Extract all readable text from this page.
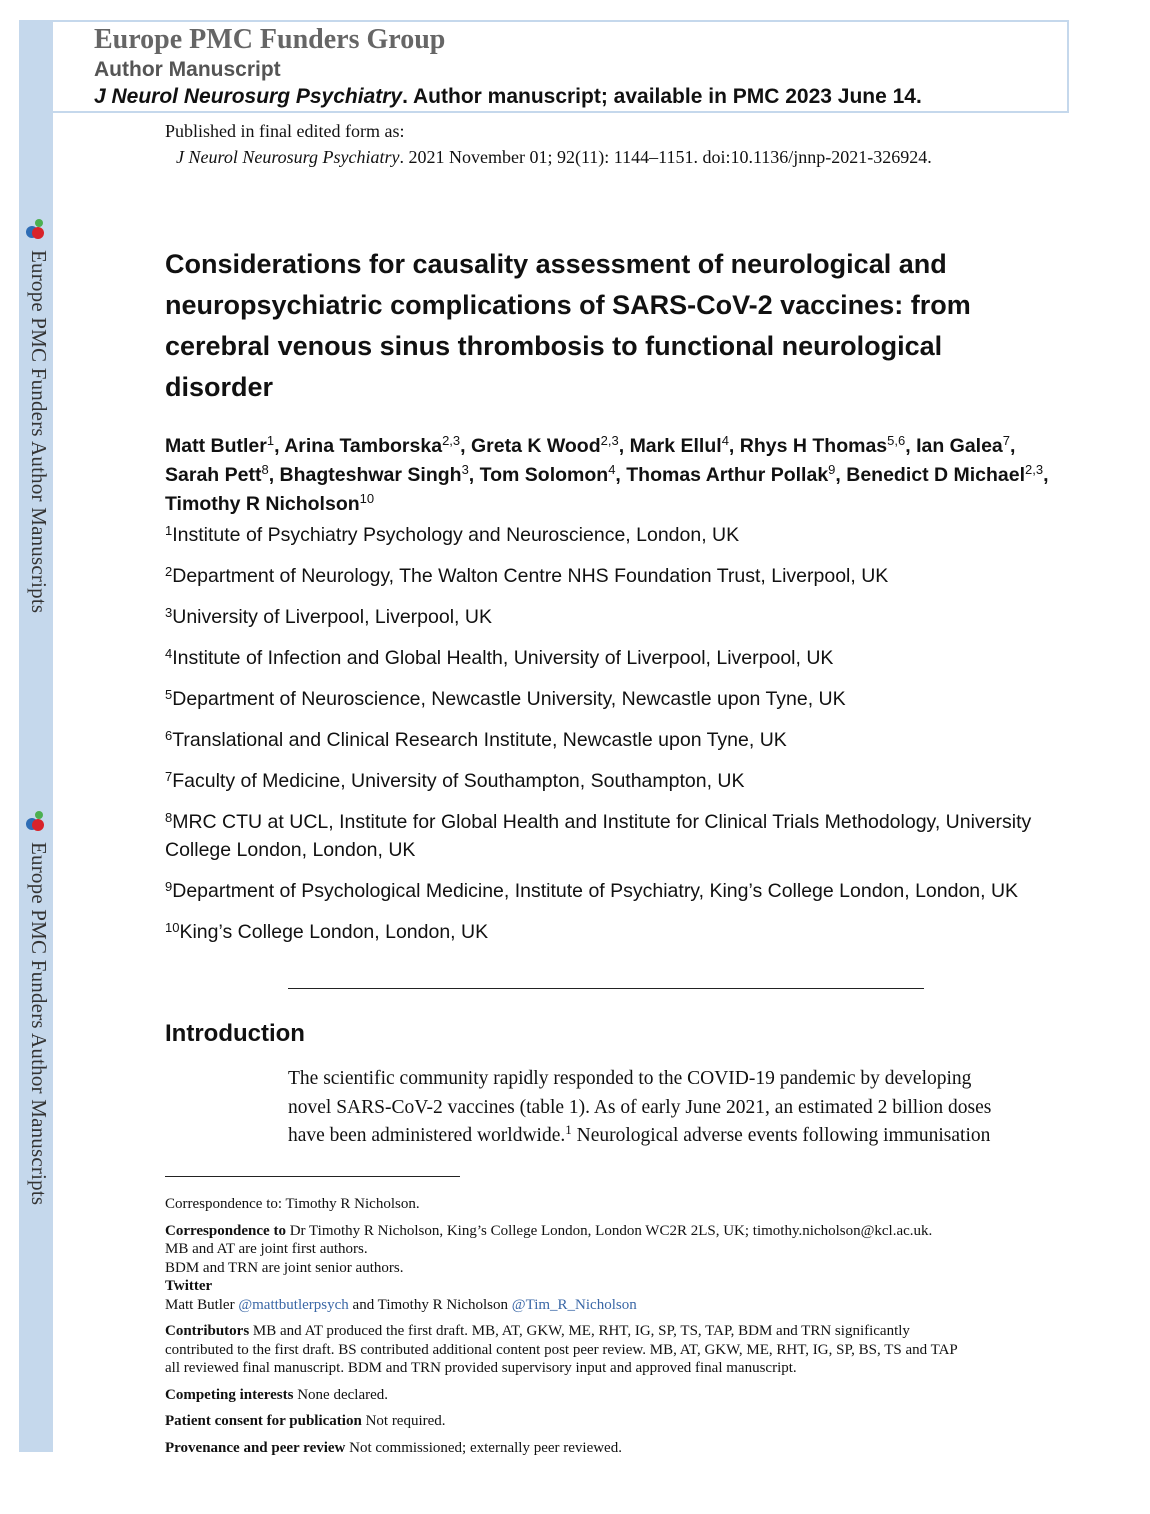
Europe PMC Funders Author Manuscripts
Europe PMC Funders Author Manuscripts
Europe PMC Funders Group
Author Manuscript
J Neurol Neurosurg Psychiatry. Author manuscript; available in PMC 2023 June 14.
Published in final edited form as:
J Neurol Neurosurg Psychiatry. 2021 November 01; 92(11): 1144–1151. doi:10.1136/jnnp-2021-326924.
Considerations for causality assessment of neurological and neuropsychiatric complications of SARS-CoV-2 vaccines: from cerebral venous sinus thrombosis to functional neurological disorder
Matt Butler$^1$, Arina Tamborska$^{2,3}$, Greta K Wood$^{2,3}$, Mark Ellul$^4$, Rhys H Thomas$^{5,6}$, Ian Galea$^7$, Sarah Pett$^8$, Bhagteshwar Singh$^3$, Tom Solomon$^4$, Thomas Arthur Pollak$^9$, Benedict D Michael$^{2,3}$, Timothy R Nicholson$^{10}$
$^1$Institute of Psychiatry Psychology and Neuroscience, London, UK
$^2$Department of Neurology, The Walton Centre NHS Foundation Trust, Liverpool, UK
$^3$University of Liverpool, Liverpool, UK
$^4$Institute of Infection and Global Health, University of Liverpool, Liverpool, UK
$^5$Department of Neuroscience, Newcastle University, Newcastle upon Tyne, UK
$^6$Translational and Clinical Research Institute, Newcastle upon Tyne, UK
$^7$Faculty of Medicine, University of Southampton, Southampton, UK
$^8$MRC CTU at UCL, Institute for Global Health and Institute for Clinical Trials Methodology, University College London, London, UK
$^9$Department of Psychological Medicine, Institute of Psychiatry, King’s College London, London, UK
$^{10}$King’s College London, London, UK
Introduction

The scientific community rapidly responded to the COVID-19 pandemic by developing

novel SARS-CoV-2 vaccines (table 1). As of early June 2021, an estimated 2 billion doses

have been administered worldwide.$^1$ Neurological adverse events following immunisation

Correspondence to: Timothy R Nicholson.

Correspondence to Dr Timothy R Nicholson, King’s College London, London WC2R 2LS, UK; timothy.nicholson@kcl.ac.uk.

MB and AT are joint first authors.

BDM and TRN are joint senior authors.

Twitter

Matt Butler @mattbutlerpsych and Timothy R Nicholson @Tim_R_Nicholson

Contributors MB and AT produced the first draft. MB, AT, GKW, ME, RHT, IG, SP, TS, TAP, BDM and TRN significantly
contributed to the first draft. BS contributed additional content post peer review. MB, AT, GKW, ME, RHT, IG, SP, BS, TS and TAP
all reviewed final manuscript. BDM and TRN provided supervisory input and approved final manuscript.

Competing interests None declared.

Patient consent for publication Not required.

Provenance and peer review Not commissioned; externally peer reviewed.
